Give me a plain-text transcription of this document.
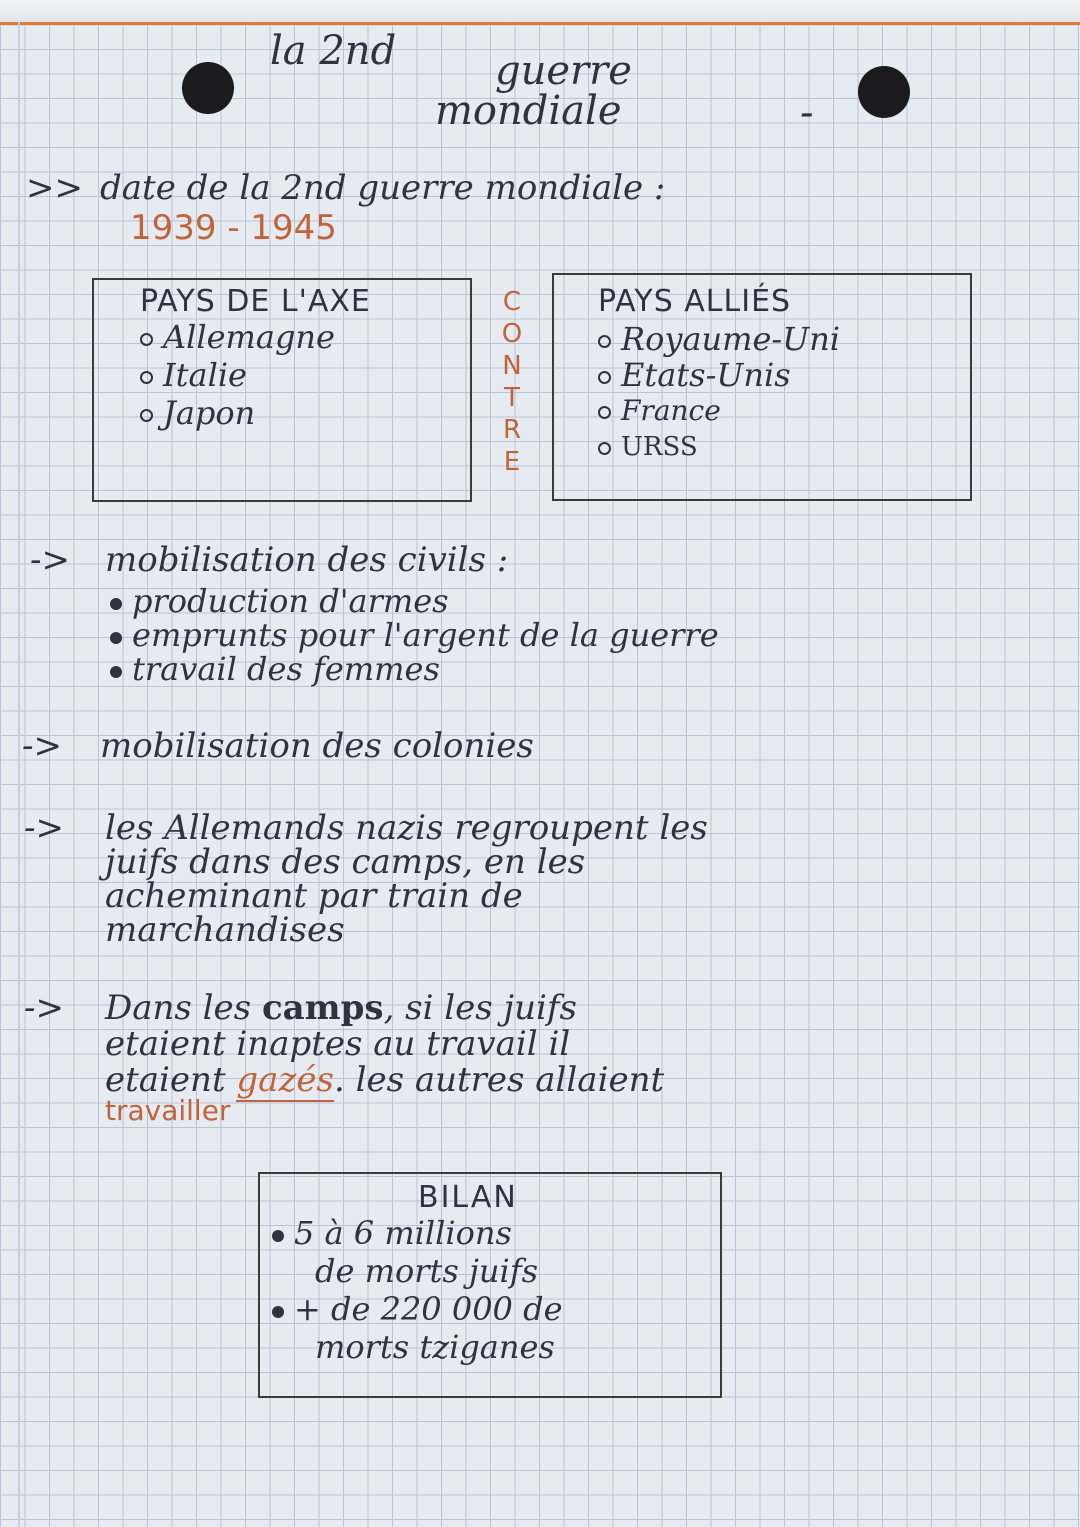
la 2nd guerre
mondiale	-
>> date de la 2nd guerre mondiale :
1939 - 1945
PAYS DE L'AXE
Allemagne
Italie
Japon
C
O
N
T
R
E
PAYS ALLIÉS
Royaume-Uni
Etats-Unis
France
URSS
-> mobilisation des civils :
production d'armes
emprunts pour l'argent de la guerre
travail des femmes
-> mobilisation des colonies
-> les Allemands nazis regroupent les
juifs dans des camps, en les
acheminant par train de
marchandises
-> Dans les camps, si les juifs
etaient inaptes au travail il
etaient gazés. les autres allaient
travailler
BILAN
5 à 6 millions
de morts juifs
+ de 220 000 de
morts tziganes
